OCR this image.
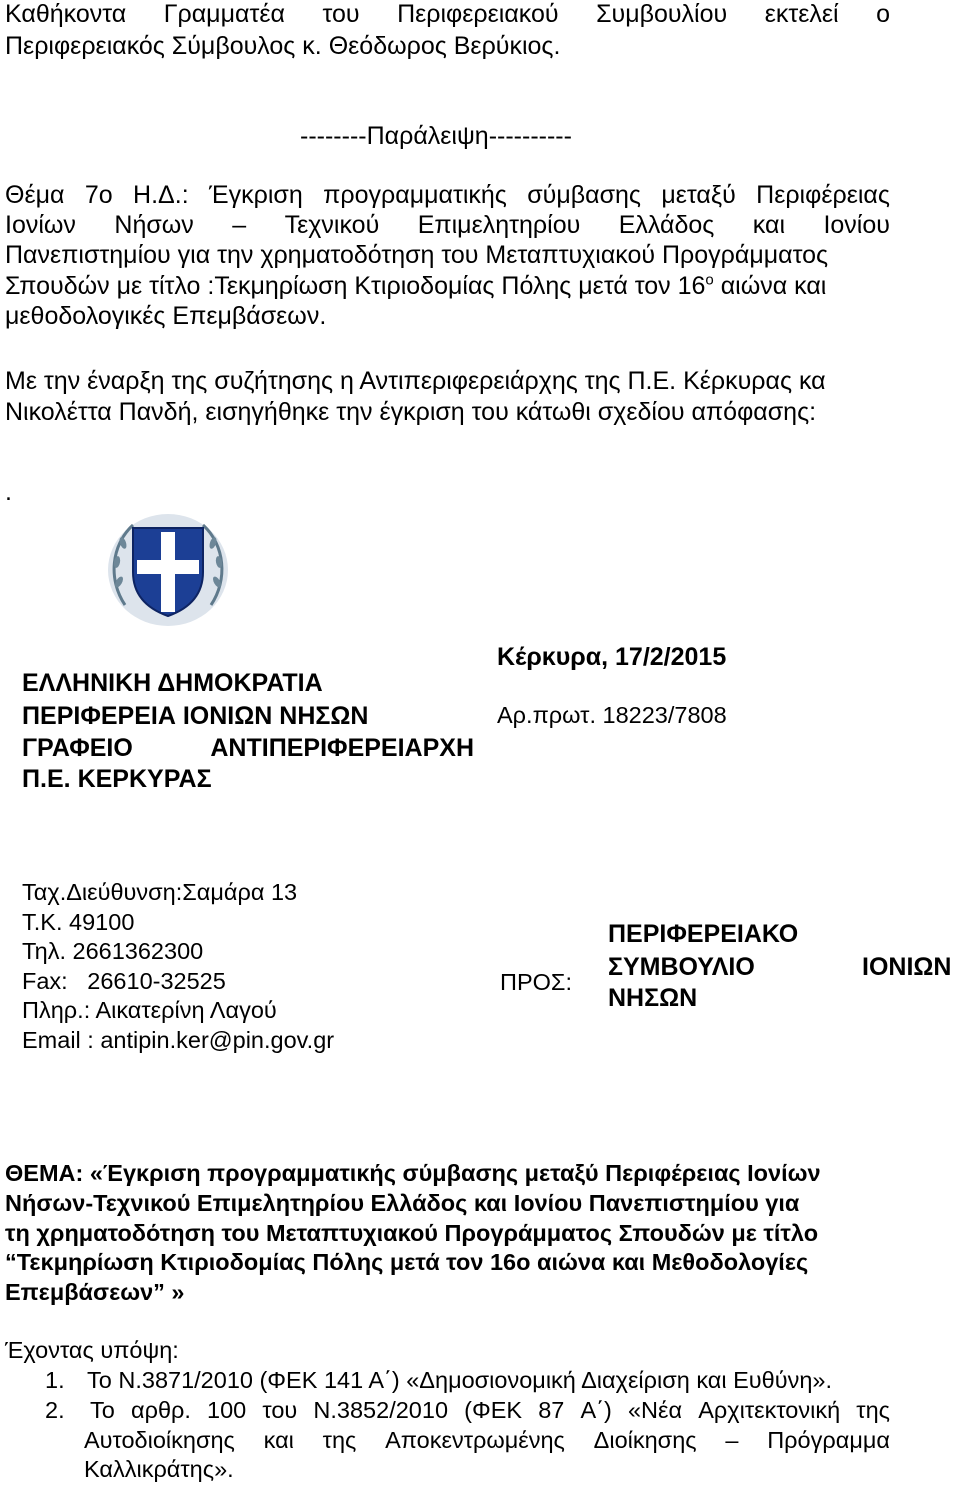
Καθήκοντα Γραμματέα του Περιφερειακού Συμβουλίου εκτελεί ο
Περιφερειακός Σύμβουλος κ. Θεόδωρος Βερύκιος.
--------Παράλειψη----------
Θέμα 7ο Η.Δ.: Έγκριση προγραμματικής σύμβασης μεταξύ Περιφέρειας
Ιονίων Νήσων – Τεχνικού Επιμελητηρίου Ελλάδος και Ιονίου
Πανεπιστημίου για την χρηματοδότηση του Μεταπτυχιακού Προγράμματος
Σπουδών με τίτλο :Τεκμηρίωση Κτιριοδομίας Πόλης μετά τον $16^o$ αιώνα και
μεθοδολογικές Επεμβάσεων.
Με την έναρξη της συζήτησης η Αντιπεριφερειάρχης της Π.Ε. Κέρκυρας κα
Νικολέττα Πανδή, εισηγήθηκε την έγκριση του κάτωθι σχεδίου απόφασης:
.
ΕΛΛΗΝΙΚΗ ΔΗΜΟΚΡΑΤΙΑ
ΠΕΡΙΦΕΡΕΙΑ ΙΟΝΙΩΝ ΝΗΣΩΝ
ΓΡΑΦΕΙΟ	ΑΝΤΙΠΕΡΙΦΕΡΕΙΑΡΧΗ
Π.Ε. ΚΕΡΚΥΡΑΣ
Κέρκυρα, 17/2/2015
Αρ.πρωτ. 18223/7808
Ταχ.Διεύθυνση:Σαμάρα 13
Τ.Κ. 49100
Τηλ. 2661362300
Fax:   26610-32525
Πληρ.: Αικατερίνη Λαγού
Email : antipin.ker@pin.gov.gr
ΠΡΟΣ:
ΠΕΡΙΦΕΡΕΙΑΚΟ
ΣΥΜΒΟΥΛΙΟ	ΙΟΝΙΩΝ
ΝΗΣΩΝ
ΘΕΜΑ: «Έγκριση προγραμματικής σύμβασης μεταξύ Περιφέρειας Ιονίων
Νήσων-Τεχνικού Επιμελητηρίου Ελλάδος και Ιονίου Πανεπιστημίου για
τη χρηματοδότηση του Μεταπτυχιακού Προγράμματος Σπουδών με τίτλο
“Τεκμηρίωση Κτιριοδομίας Πόλης μετά τον 16ο αιώνα και Μεθοδολογίες
Επεμβάσεων” »
Έχοντας υπόψη:
1. Το Ν.3871/2010 (ΦΕΚ 141 Α΄) «Δημοσιονομική Διαχείριση και Ευθύνη».
2. Το αρθρ. 100 του Ν.3852/2010 (ΦΕΚ 87 Α΄) «Νέα Αρχιτεκτονική της
Αυτοδιοίκησης και της Αποκεντρωμένης Διοίκησης – Πρόγραμμα
Καλλικράτης».
